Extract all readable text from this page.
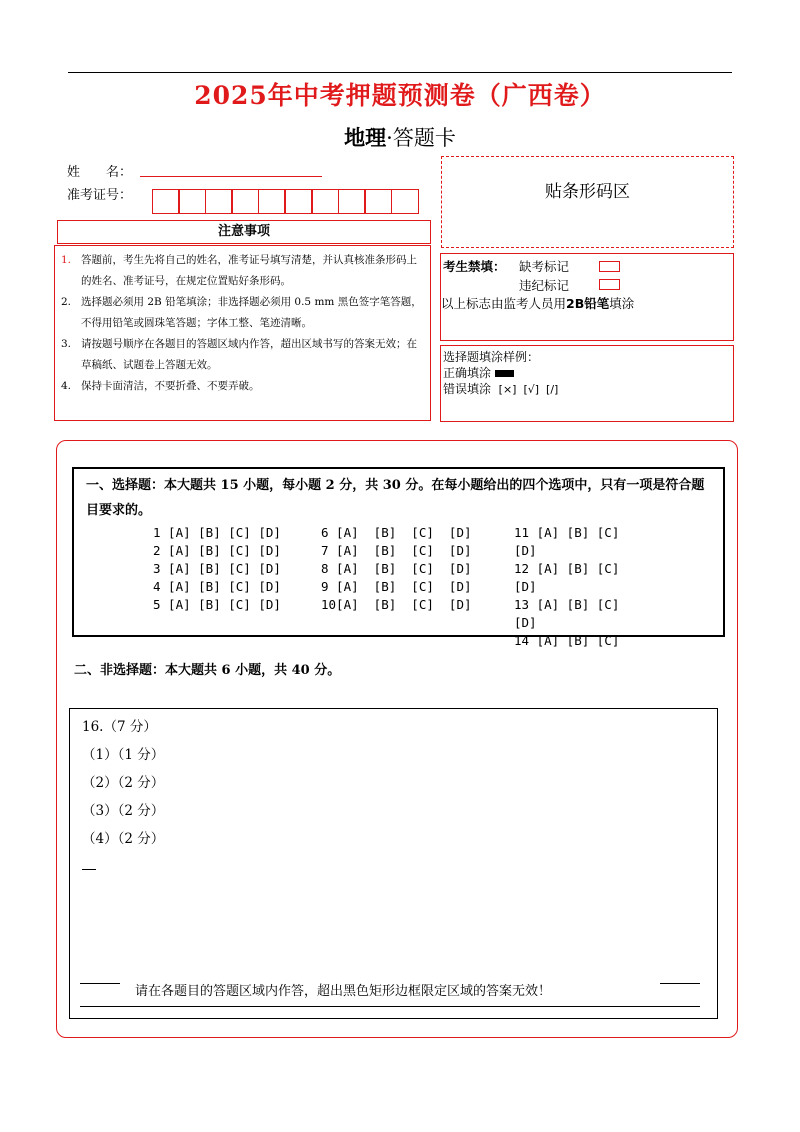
2025年中考押题预测卷（广西卷）
地理·答题卡
姓　　名：
准考证号：
注意事项
1. 答题前，考生先将自己的姓名，准考证号填写清楚，并认真核准条形码上的姓名、准考证号，在规定位置贴好条形码。
2. 选择题必须用 2B 铅笔填涂；非选择题必须用 0.5 mm 黑色签字笔答题，不得用铅笔或圆珠笔答题；字体工整、笔迹清晰。
3. 请按题号顺序在各题目的答题区域内作答，超出区域书写的答案无效；在草稿纸、试题卷上答题无效。
4. 保持卡面清洁，不要折叠、不要弄破。
贴条形码区
考生禁填： 缺考标记
违纪标记
以上标志由监考人员用2B铅笔填涂
选择题填涂样例：
正确填涂
错误填涂 [×]  [√]  [/]
一、选择题：本大题共 15 小题，每小题 2 分，共 30 分。在每小题给出的四个选项中，只有一项是符合题目要求的。
1 [A] [B] [C] [D]
2 [A] [B] [C] [D]
3 [A] [B] [C] [D]
4 [A] [B] [C] [D]
5 [A] [B] [C] [D]
6 [A]  [B]  [C]  [D]
7 [A]  [B]  [C]  [D]
8 [A]  [B]  [C]  [D]
9 [A]  [B]  [C]  [D]
10[A]  [B]  [C]  [D]
11 [A] [B] [C]
[D]
12 [A] [B] [C]
[D]
13 [A] [B] [C]
[D]
14 [A] [B] [C]
二、非选择题：本大题共 6 小题，共 40 分。
16.（7 分）
（1）（1 分）
（2）（2 分）
（3）（2 分）
（4）（2 分）
请在各题目的答题区域内作答，超出黑色矩形边框限定区域的答案无效！
